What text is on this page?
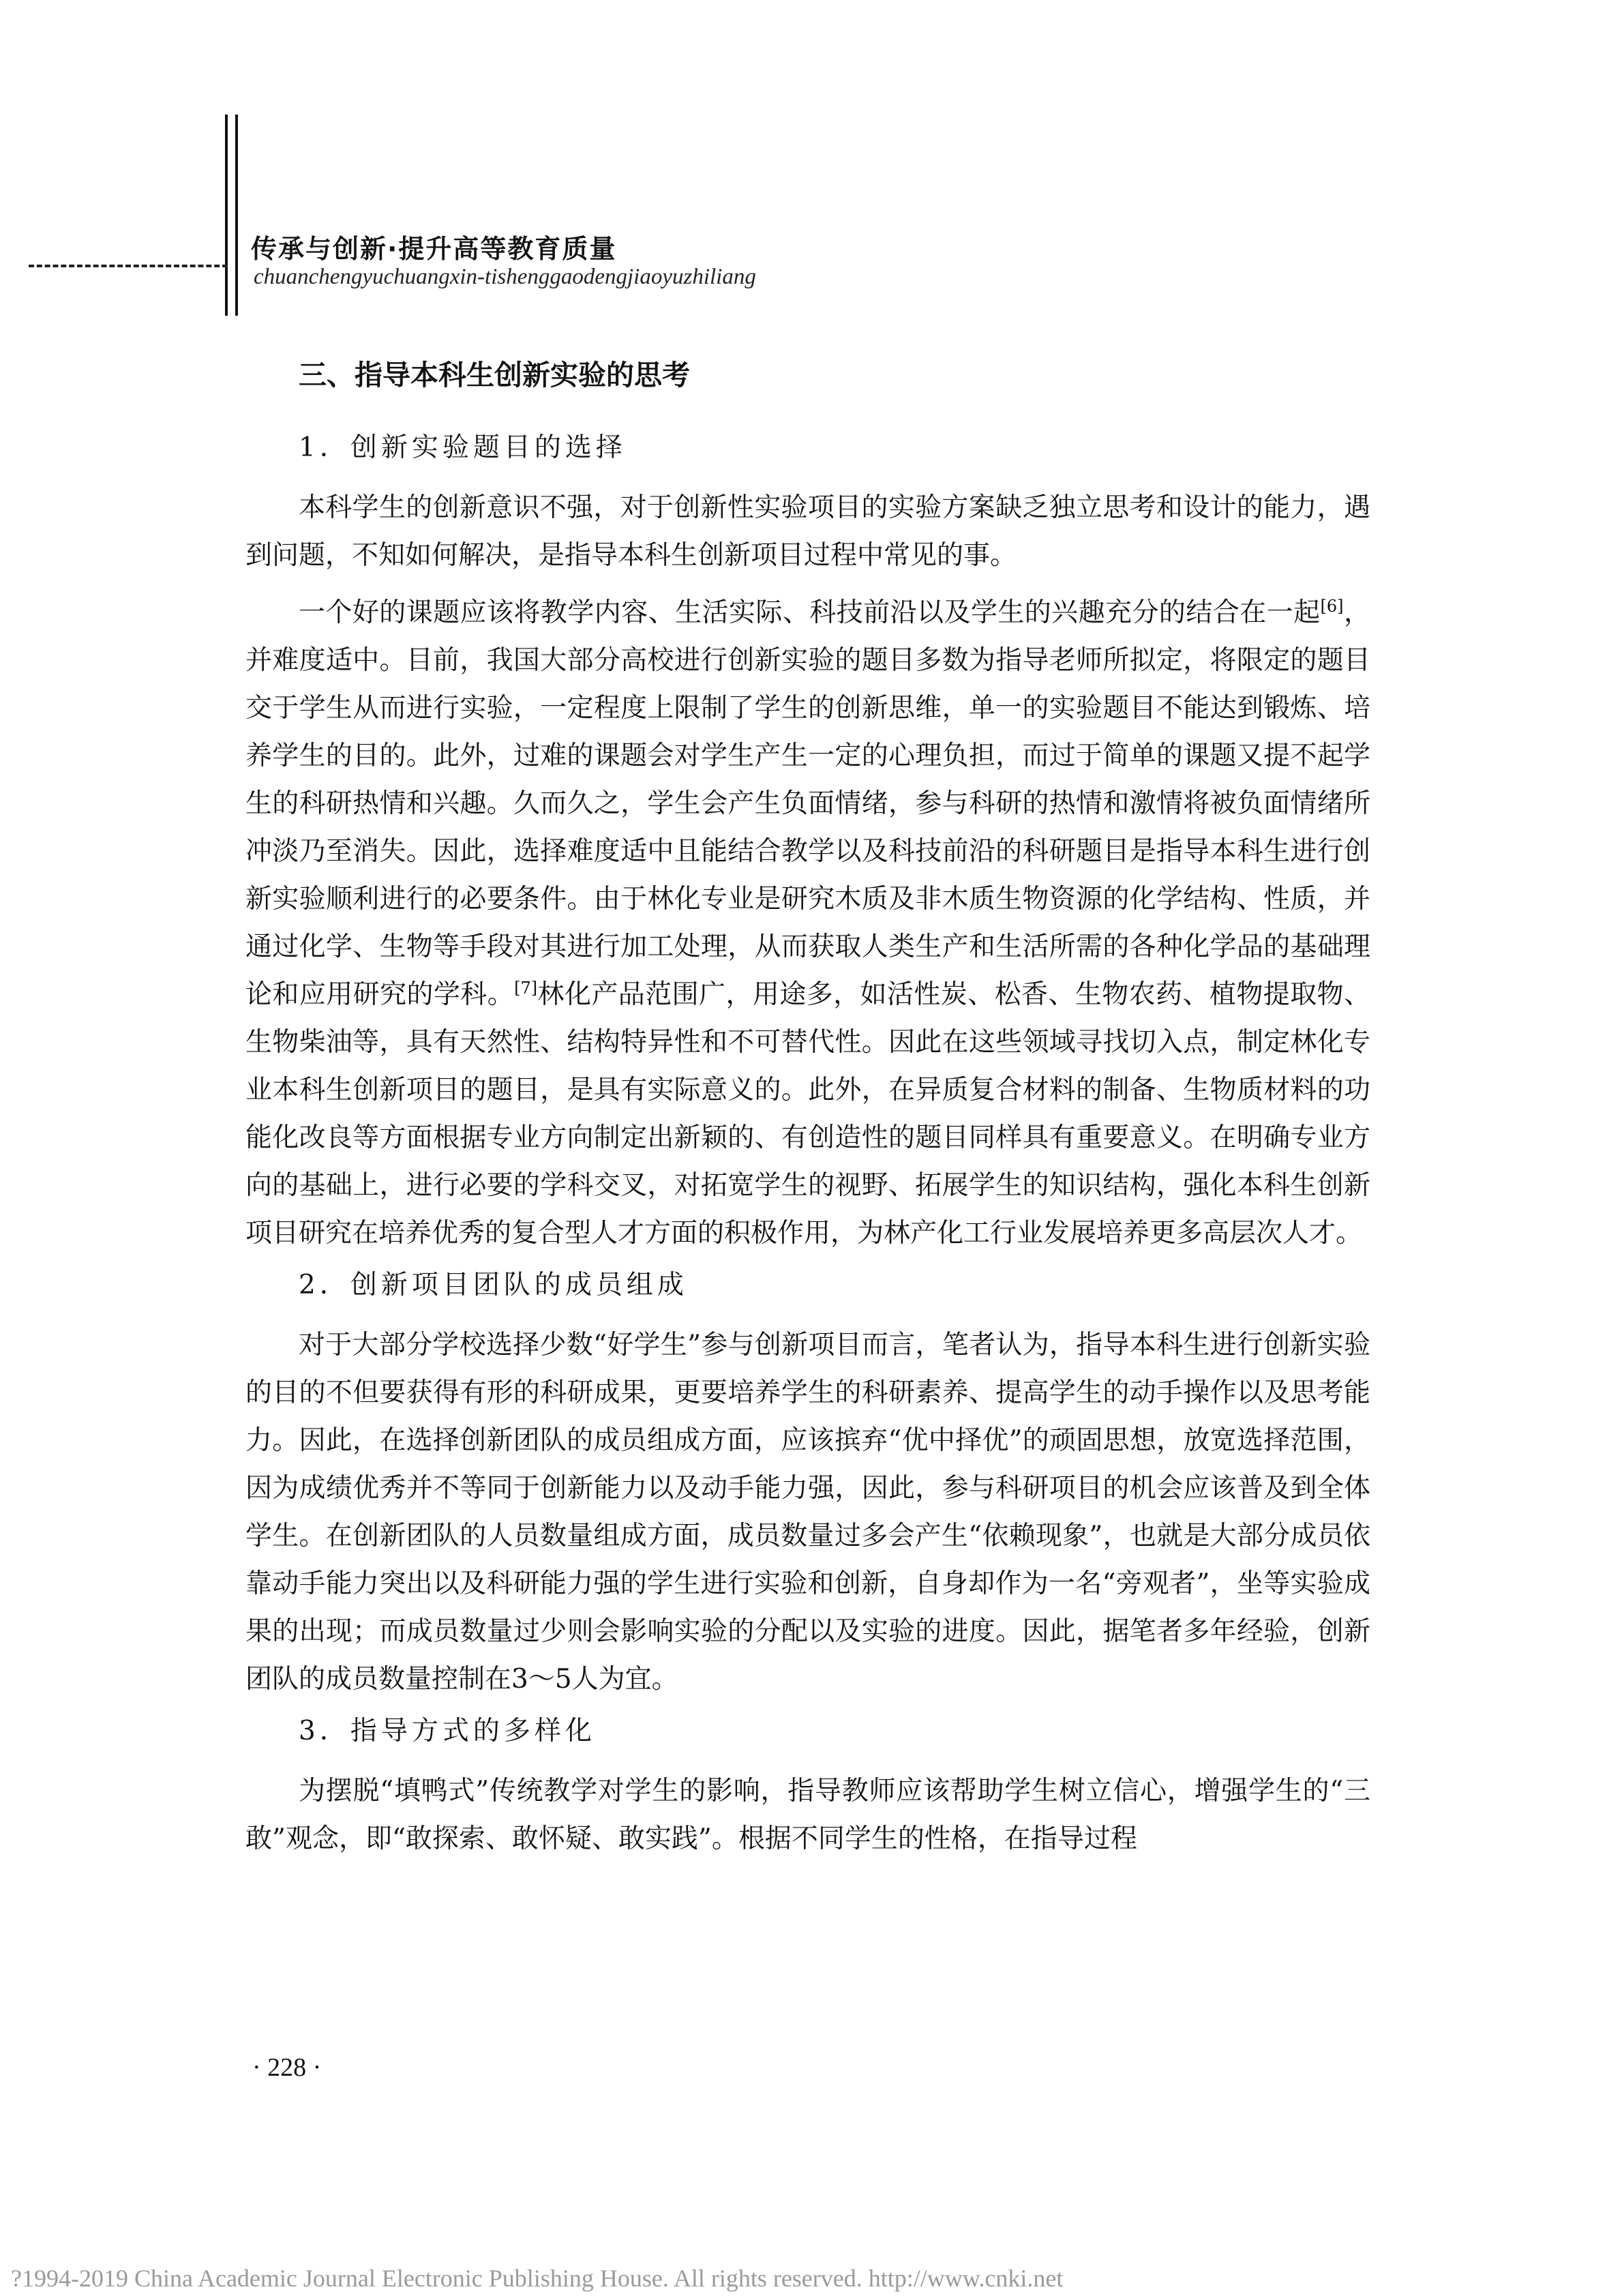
传承与创新·提升高等教育质量
chuanchengyuchuangxin-tishenggaodengjiaoyuzhiliang
三、指导本科生创新实验的思考
1．创新实验题目的选择

本科学生的创新意识不强，对于创新性实验项目的实验方案缺乏独立思考和设计的能力，遇到问题，不知如何解决，是指导本科生创新项目过程中常见的事。

一个好的课题应该将教学内容、生活实际、科技前沿以及学生的兴趣充分的结合在一起[6]，并难度适中。目前，我国大部分高校进行创新实验的题目多数为指导老师所拟定，将限定的题目交于学生从而进行实验，一定程度上限制了学生的创新思维，单一的实验题目不能达到锻炼、培养学生的目的。此外，过难的课题会对学生产生一定的心理负担，而过于简单的课题又提不起学生的科研热情和兴趣。久而久之，学生会产生负面情绪，参与科研的热情和激情将被负面情绪所冲淡乃至消失。因此，选择难度适中且能结合教学以及科技前沿的科研题目是指导本科生进行创新实验顺利进行的必要条件。由于林化专业是研究木质及非木质生物资源的化学结构、性质，并通过化学、生物等手段对其进行加工处理，从而获取人类生产和生活所需的各种化学品的基础理论和应用研究的学科。[7]林化产品范围广，用途多，如活性炭、松香、生物农药、植物提取物、生物柴油等，具有天然性、结构特异性和不可替代性。因此在这些领域寻找切入点，制定林化专业本科生创新项目的题目，是具有实际意义的。此外，在异质复合材料的制备、生物质材料的功能化改良等方面根据专业方向制定出新颖的、有创造性的题目同样具有重要意义。在明确专业方向的基础上，进行必要的学科交叉，对拓宽学生的视野、拓展学生的知识结构，强化本科生创新项目研究在培养优秀的复合型人才方面的积极作用，为林产化工行业发展培养更多高层次人才。

2．创新项目团队的成员组成

对于大部分学校选择少数“好学生”参与创新项目而言，笔者认为，指导本科生进行创新实验的目的不但要获得有形的科研成果，更要培养学生的科研素养、提高学生的动手操作以及思考能力。因此，在选择创新团队的成员组成方面，应该摈弃“优中择优”的顽固思想，放宽选择范围，因为成绩优秀并不等同于创新能力以及动手能力强，因此，参与科研项目的机会应该普及到全体学生。在创新团队的人员数量组成方面，成员数量过多会产生“依赖现象”，也就是大部分成员依靠动手能力突出以及科研能力强的学生进行实验和创新，自身却作为一名“旁观者”，坐等实验成果的出现；而成员数量过少则会影响实验的分配以及实验的进度。因此，据笔者多年经验，创新团队的成员数量控制在3～5人为宜。

3．指导方式的多样化

为摆脱“填鸭式”传统教学对学生的影响，指导教师应该帮助学生树立信心，增强学生的“三敢”观念，即“敢探索、敢怀疑、敢实践”。根据不同学生的性格，在指导过程

· 228 ·
?1994-2019 China Academic Journal Electronic Publishing House. All rights reserved. http://www.cnki.net
